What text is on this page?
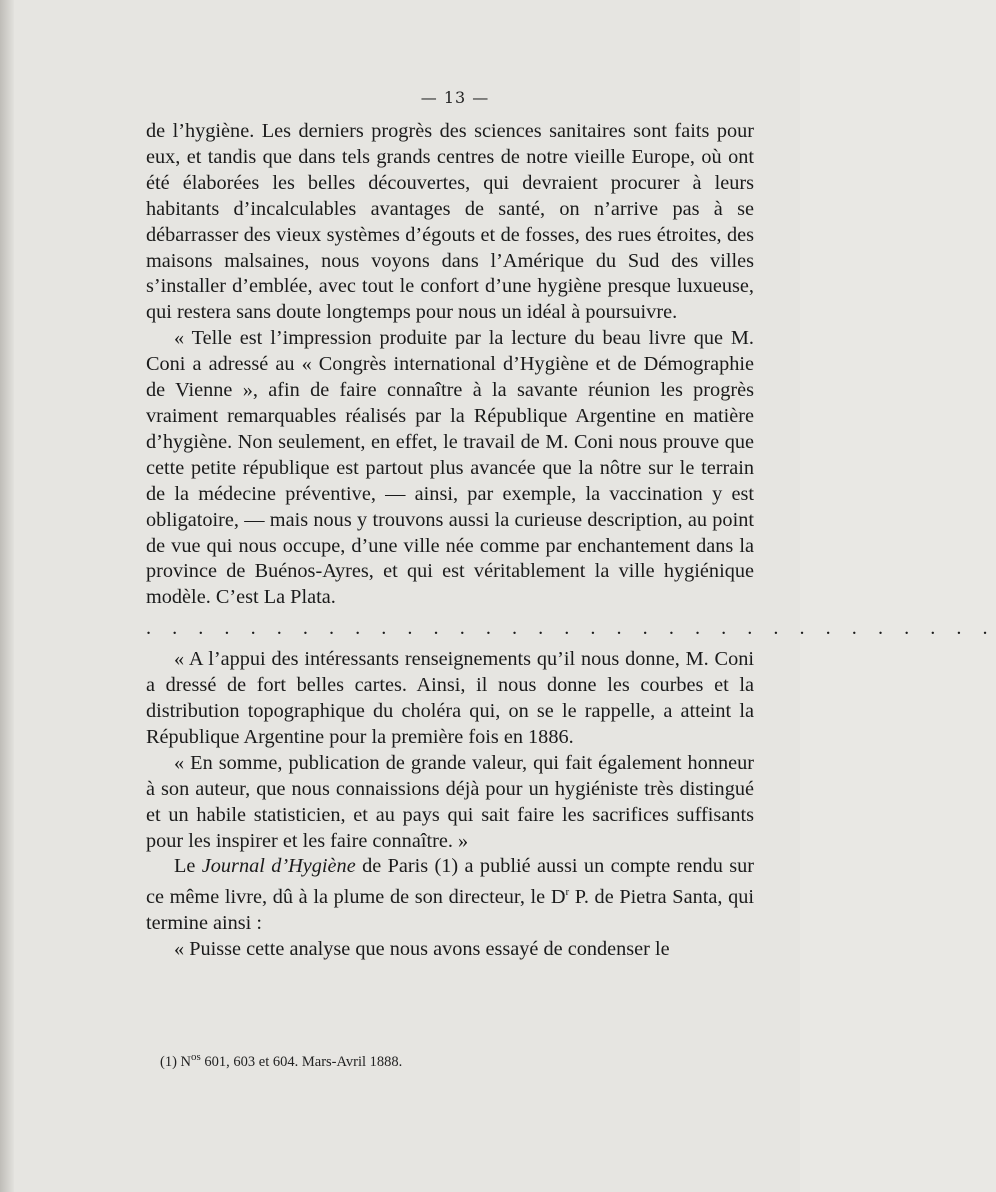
— 13 —

de l’hygiène. Les derniers progrès des sciences sanitaires sont faits pour eux, et tandis que dans tels grands centres de notre vieille Europe, où ont été élaborées les belles découvertes, qui devraient procurer à leurs habitants d’incalculables avantages de santé, on n’arrive pas à se débarrasser des vieux systèmes d’égouts et de fosses, des rues étroites, des maisons malsaines, nous voyons dans l’Amérique du Sud des villes s’installer d’emblée, avec tout le confort d’une hygiène presque luxueuse, qui restera sans doute longtemps pour nous un idéal à poursuivre.

« Telle est l’impression produite par la lecture du beau livre que M. Coni a adressé au « Congrès international d’Hygiène et de Démographie de Vienne », afin de faire connaître à la savante réunion les progrès vraiment remarquables réalisés par la République Argentine en matière d’hygiène. Non seulement, en effet, le travail de M. Coni nous prouve que cette petite république est partout plus avancée que la nôtre sur le terrain de la médecine préventive, — ainsi, par exemple, la vaccination y est obligatoire, — mais nous y trouvons aussi la curieuse description, au point de vue qui nous occupe, d’une ville née comme par enchantement dans la province de Buénos-Ayres, et qui est véritablement la ville hygiénique modèle. C’est La Plata.

. . . . . . . . . . . . . . . . . . . . . . . . . . . . . . . . .

« A l’appui des intéressants renseignements qu’il nous donne, M. Coni a dressé de fort belles cartes. Ainsi, il nous donne les courbes et la distribution topographique du choléra qui, on se le rappelle, a atteint la République Argentine pour la première fois en 1886.

« En somme, publication de grande valeur, qui fait également honneur à son auteur, que nous connaissions déjà pour un hygiéniste très distingué et un habile statisticien, et au pays qui sait faire les sacrifices suffisants pour les inspirer et les faire connaître. »

Le Journal d’Hygiène de Paris (1) a publié aussi un compte rendu sur ce même livre, dû à la plume de son directeur, le $D^r$ P. de Pietra Santa, qui termine ainsi :

« Puisse cette analyse que nous avons essayé de condenser le

(1) $N^{os}$ 601, 603 et 604. Mars-Avril 1888.
